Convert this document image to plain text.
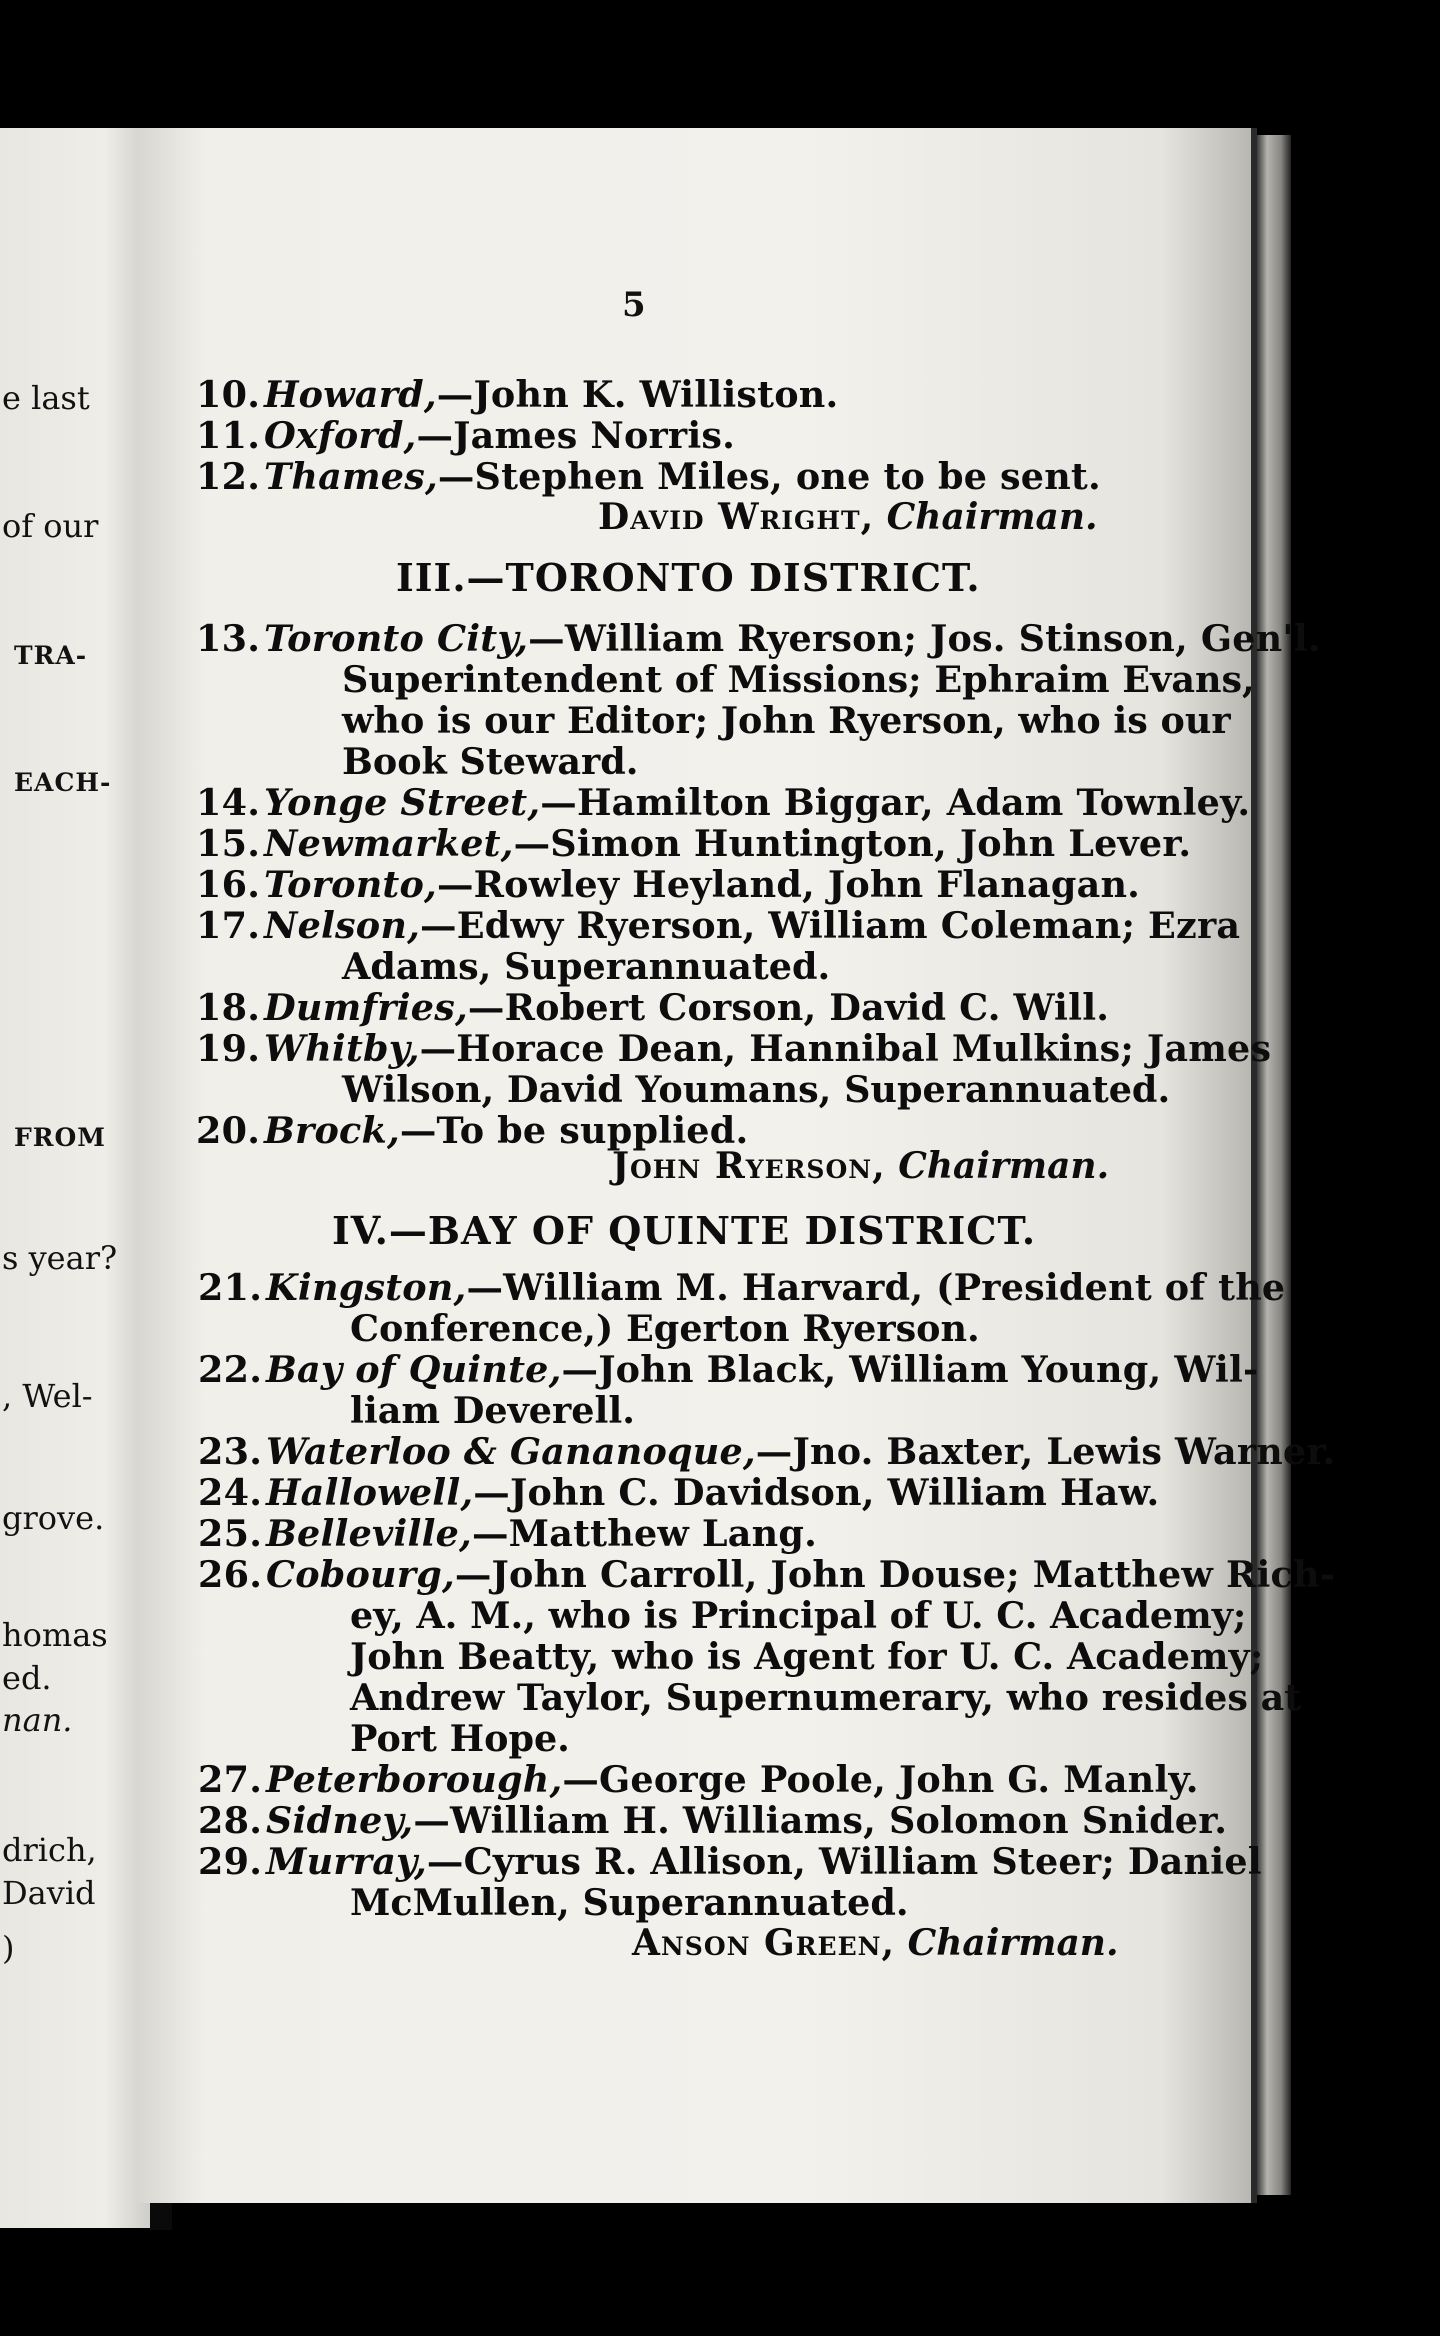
e last
of our
TRA-
EACH-
FROM
s year?
, Wel-
grove.
homas
ed.
nan.
drich,
David
)
5
10. Howard,—John K. Williston.
11. Oxford,—James Norris.
12. Thames,—Stephen Miles, one to be sent.
David Wright, Chairman.
III.—TORONTO DISTRICT.
13. Toronto City,—William Ryerson; Jos. Stinson, Gen'l.
Superintendent of Missions; Ephraim Evans,
who is our Editor; John Ryerson, who is our
Book Steward.
14. Yonge Street,—Hamilton Biggar, Adam Townley.
15. Newmarket,—Simon Huntington, John Lever.
16. Toronto,—Rowley Heyland, John Flanagan.
17. Nelson,—Edwy Ryerson, William Coleman; Ezra
Adams, Superannuated.
18. Dumfries,—Robert Corson, David C. Will.
19. Whitby,—Horace Dean, Hannibal Mulkins; James
Wilson, David Youmans, Superannuated.
20. Brock,—To be supplied.
John Ryerson, Chairman.
IV.—BAY OF QUINTE DISTRICT.
21. Kingston,—William M. Harvard, (President of the
Conference,) Egerton Ryerson.
22. Bay of Quinte,—John Black, William Young, Wil-
liam Deverell.
23. Waterloo & Gananoque,—Jno. Baxter, Lewis Warner.
24. Hallowell,—John C. Davidson, William Haw.
25. Belleville,—Matthew Lang.
26. Cobourg,—John Carroll, John Douse; Matthew Rich-
ey, A. M., who is Principal of U. C. Academy;
John Beatty, who is Agent for U. C. Academy;
Andrew Taylor, Supernumerary, who resides at
Port Hope.
27. Peterborough,—George Poole, John G. Manly.
28. Sidney,—William H. Williams, Solomon Snider.
29. Murray,—Cyrus R. Allison, William Steer; Daniel
McMullen, Superannuated.
Anson Green, Chairman.
